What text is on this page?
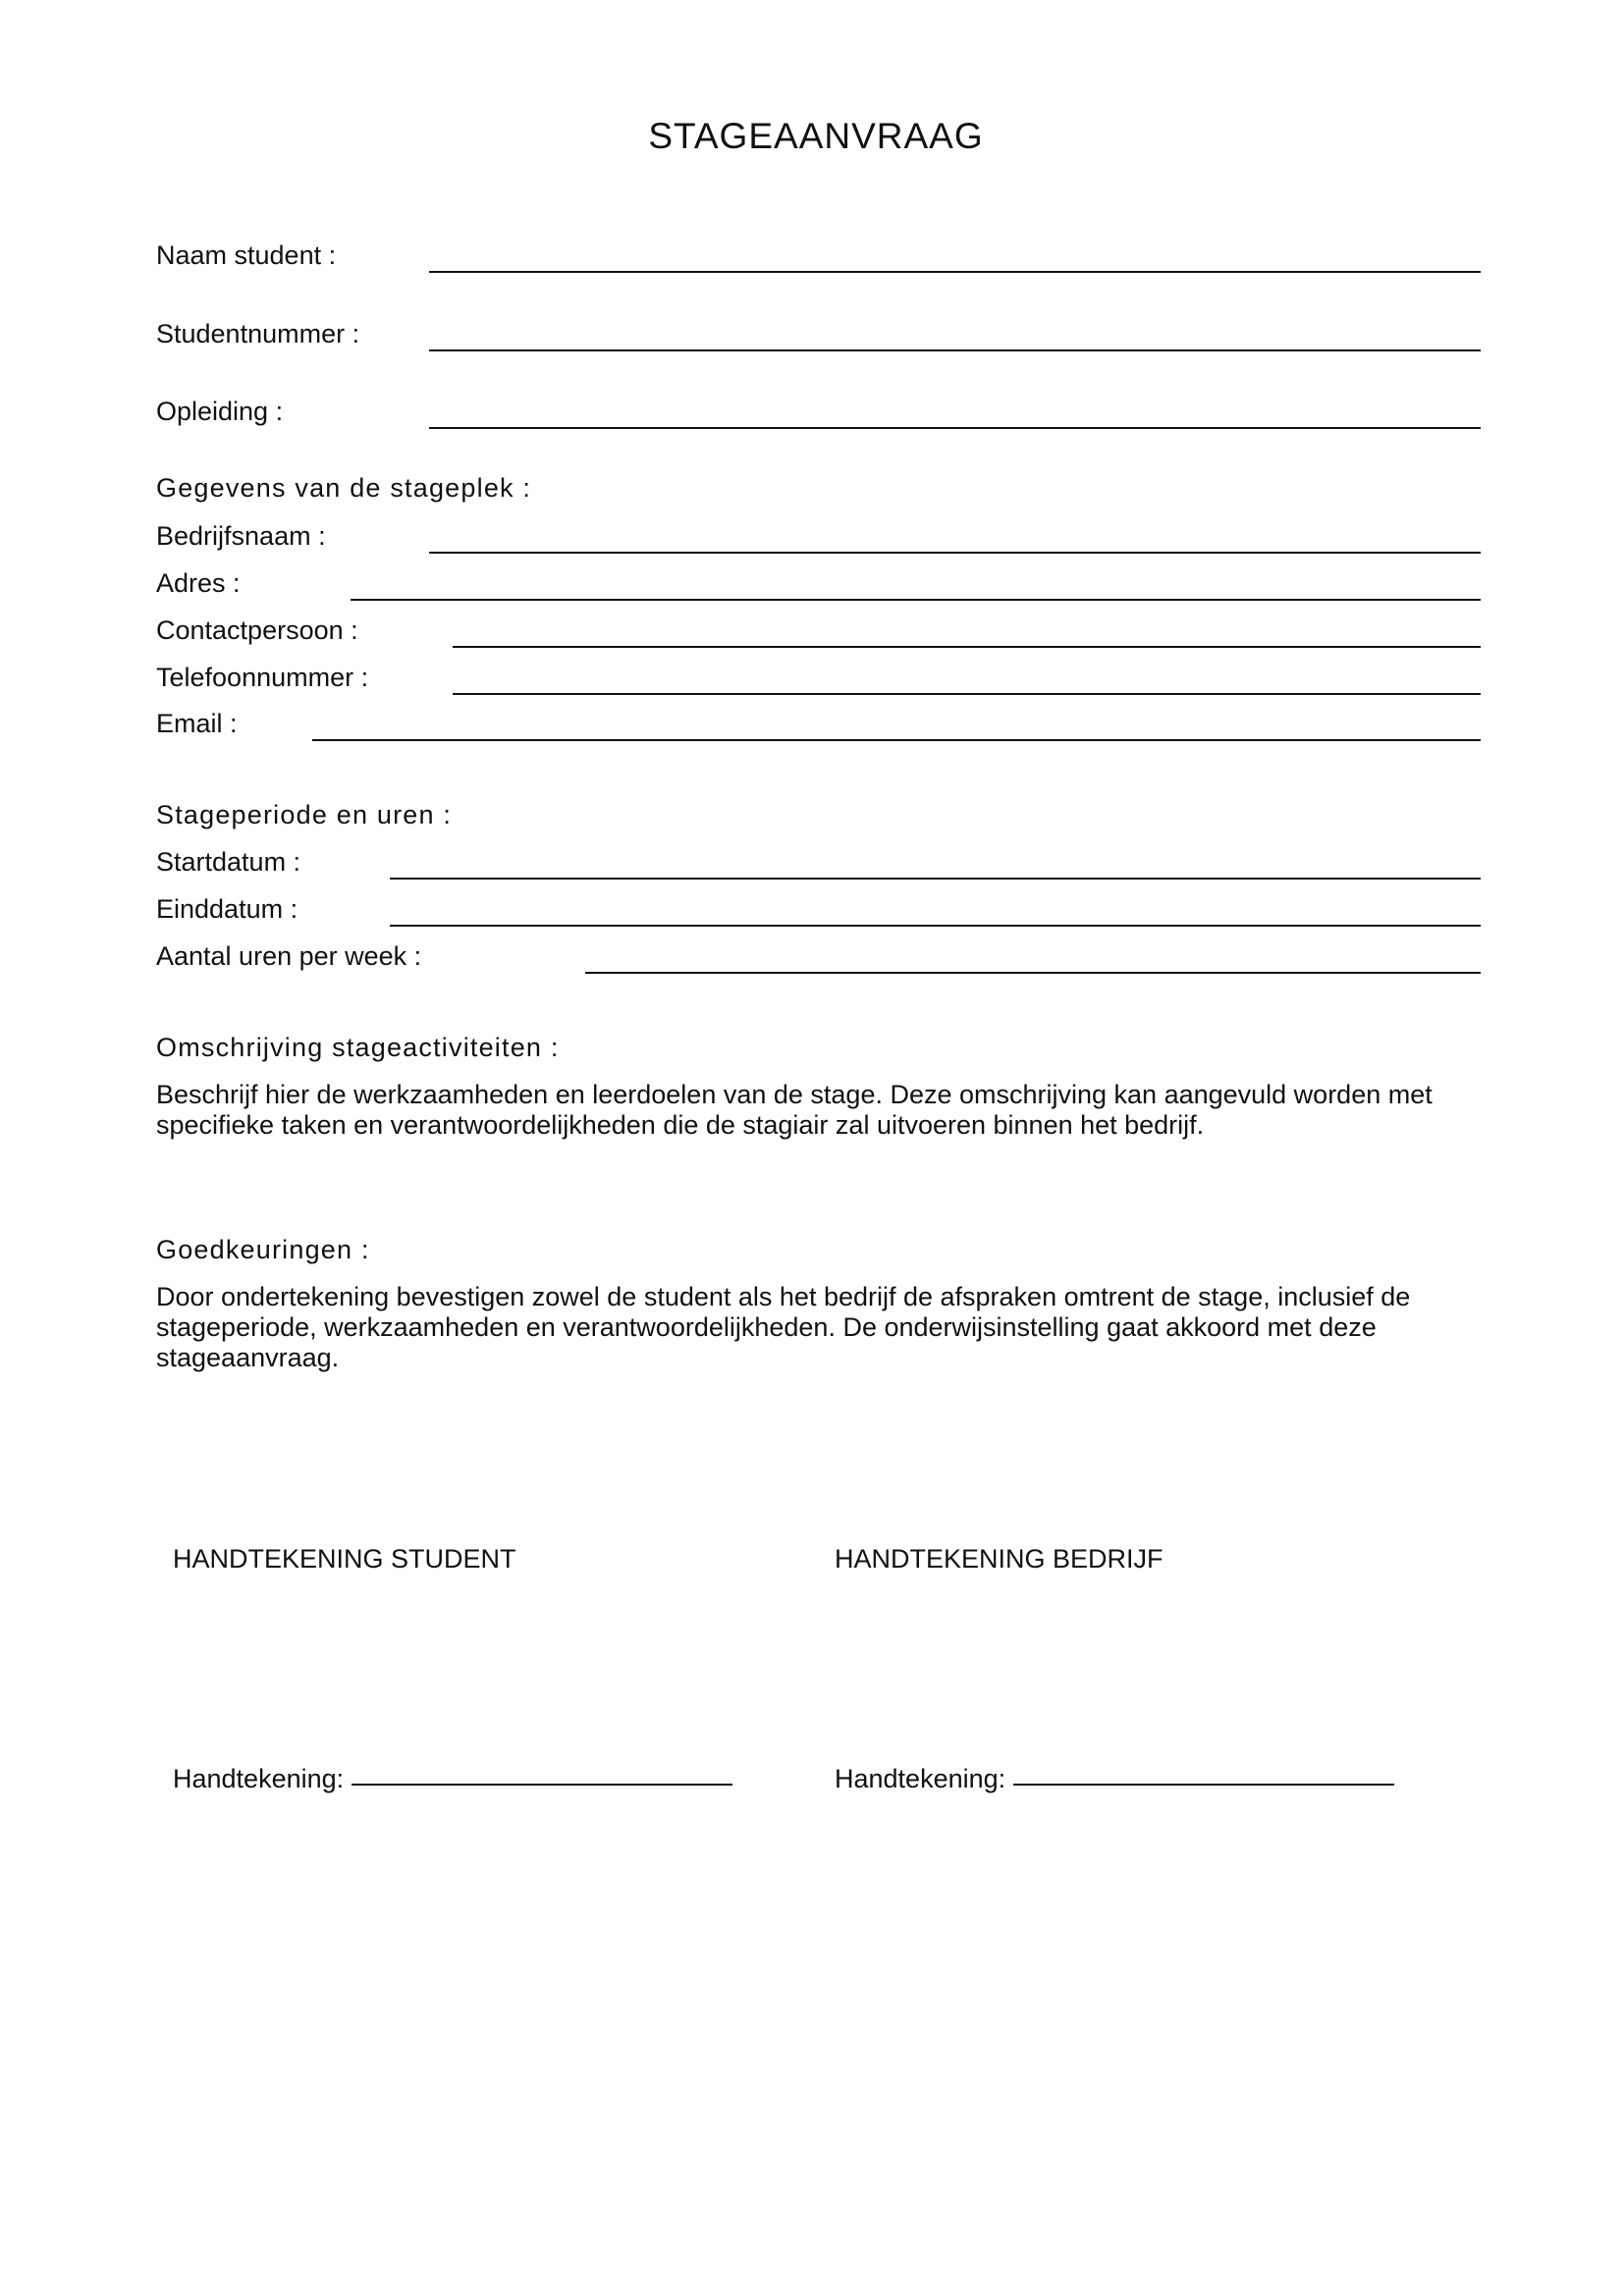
STAGEAANVRAAG
Naam student :
Studentnummer :
Opleiding :
Gegevens van de stageplek :
Bedrijfsnaam :
Adres :
Contactpersoon :
Telefoonnummer :
Email :
Stageperiode en uren :
Startdatum :
Einddatum :
Aantal uren per week :
Omschrijving stageactiviteiten :
Beschrijf hier de werkzaamheden en leerdoelen van de stage. Deze omschrijving kan aangevuld worden met specifieke taken en verantwoordelijkheden die de stagiair zal uitvoeren binnen het bedrijf.
Goedkeuringen :
Door ondertekening bevestigen zowel de student als het bedrijf de afspraken omtrent de stage, inclusief de stageperiode, werkzaamheden en verantwoordelijkheden. De onderwijsinstelling gaat akkoord met deze stageaanvraag.
HANDTEKENING STUDENT	HANDTEKENING BEDRIJF
Handtekening:	Handtekening:
